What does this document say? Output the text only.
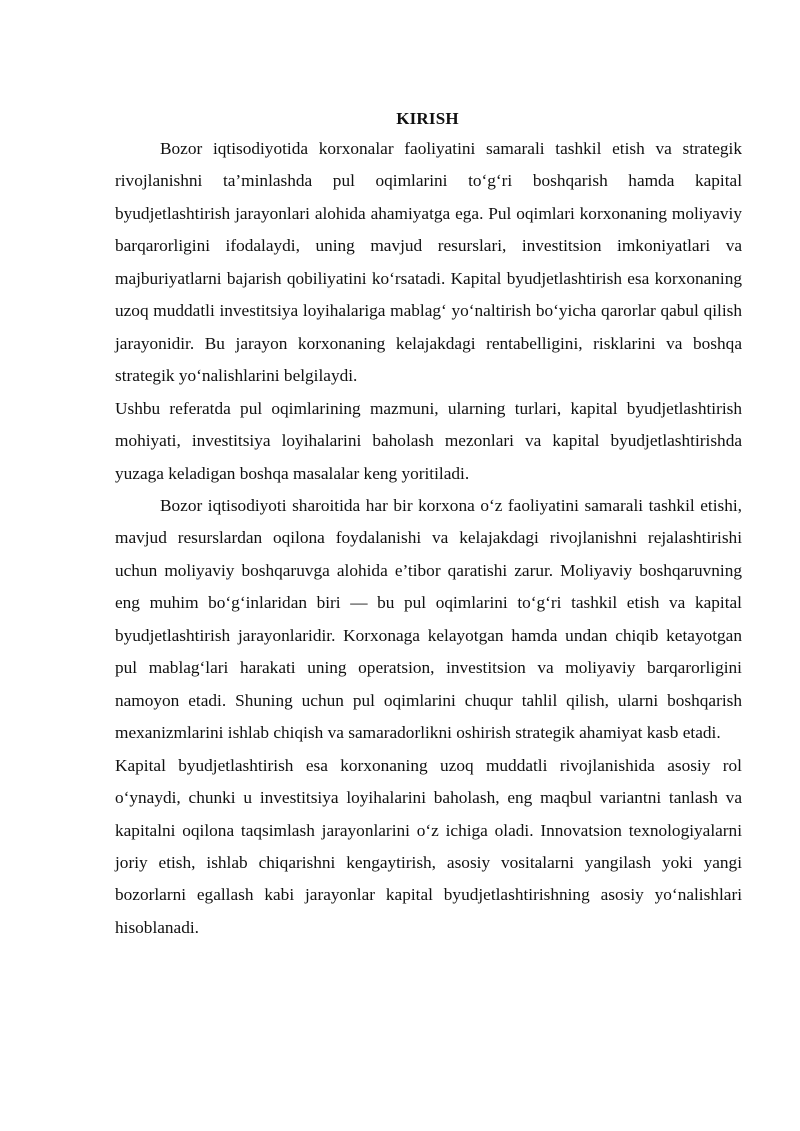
KIRISH

Bozor iqtisodiyotida korxonalar faoliyatini samarali tashkil etish va strategik rivojlanishni ta’minlashda pul oqimlarini to‘g‘ri boshqarish hamda kapital byudjetlashtirish jarayonlari alohida ahamiyatga ega. Pul oqimlari korxonaning moliyaviy barqarorligini ifodalaydi, uning mavjud resurslari, investitsion imkoniyatlari va majburiyatlarni bajarish qobiliyatini ko‘rsatadi. Kapital byudjetlashtirish esa korxonaning uzoq muddatli investitsiya loyihalariga mablag‘ yo‘naltirish bo‘yicha qarorlar qabul qilish jarayonidir. Bu jarayon korxonaning kelajakdagi rentabelligini, risklarini va boshqa strategik yo‘nalishlarini belgilaydi.

Ushbu referatda pul oqimlarining mazmuni, ularning turlari, kapital byudjetlashtirish mohiyati, investitsiya loyihalarini baholash mezonlari va kapital byudjetlashtirishda yuzaga keladigan boshqa masalalar keng yoritiladi.

Bozor iqtisodiyoti sharoitida har bir korxona o‘z faoliyatini samarali tashkil etishi, mavjud resurslardan oqilona foydalanishi va kelajakdagi rivojlanishni rejalashtirishi uchun moliyaviy boshqaruvga alohida e’tibor qaratishi zarur. Moliyaviy boshqaruvning eng muhim bo‘g‘inlaridan biri — bu pul oqimlarini to‘g‘ri tashkil etish va kapital byudjetlashtirish jarayonlaridir. Korxonaga kelayotgan hamda undan chiqib ketayotgan pul mablag‘lari harakati uning operatsion, investitsion va moliyaviy barqarorligini namoyon etadi. Shuning uchun pul oqimlarini chuqur tahlil qilish, ularni boshqarish mexanizmlarini ishlab chiqish va samaradorlikni oshirish strategik ahamiyat kasb etadi.

Kapital byudjetlashtirish esa korxonaning uzoq muddatli rivojlanishida asosiy rol o‘ynaydi, chunki u investitsiya loyihalarini baholash, eng maqbul variantni tanlash va kapitalni oqilona taqsimlash jarayonlarini o‘z ichiga oladi. Innovatsion texnologiyalarni joriy etish, ishlab chiqarishni kengaytirish, asosiy vositalarni yangilash yoki yangi bozorlarni egallash kabi jarayonlar kapital byudjetlashtirishning asosiy yo‘nalishlari hisoblanadi.
